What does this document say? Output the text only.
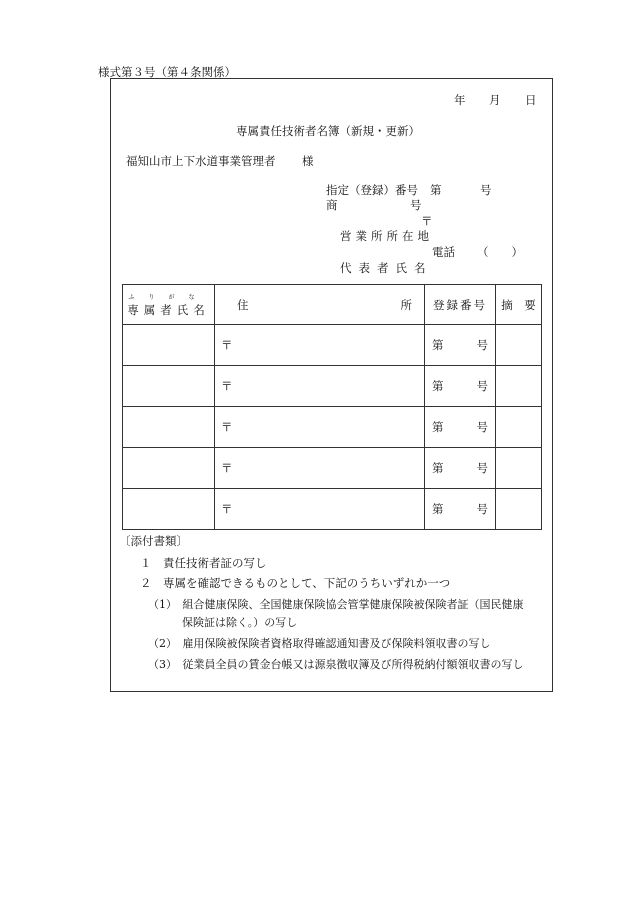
様式第３号（第４条関係）
年 月 日
専属責任技術者名簿（新規・更新）
福知山市上下水道事業管理者 様
指定（登録）番号 第	号
商	号
〒
営業所所在地
電話 （　　）
代表者氏名
ふりがな
専属者氏名	住 所	登録番号	摘　要
	〒	第 号	

	〒	第 号	

	〒	第 号	

	〒	第 号	

	〒	第 号	

〔添付書類〕
１　責任技術者証の写し
２　専属を確認できるものとして、下記のうちいずれか一つ
（1）　組合健康保険、全国健康保険協会管掌健康保険被保険者証（国民健康
保険証は除く。）の写し
（2）　雇用保険被保険者資格取得確認通知書及び保険料領収書の写し
（3）　従業員全員の賃金台帳又は源泉徴収簿及び所得税納付額領収書の写し
